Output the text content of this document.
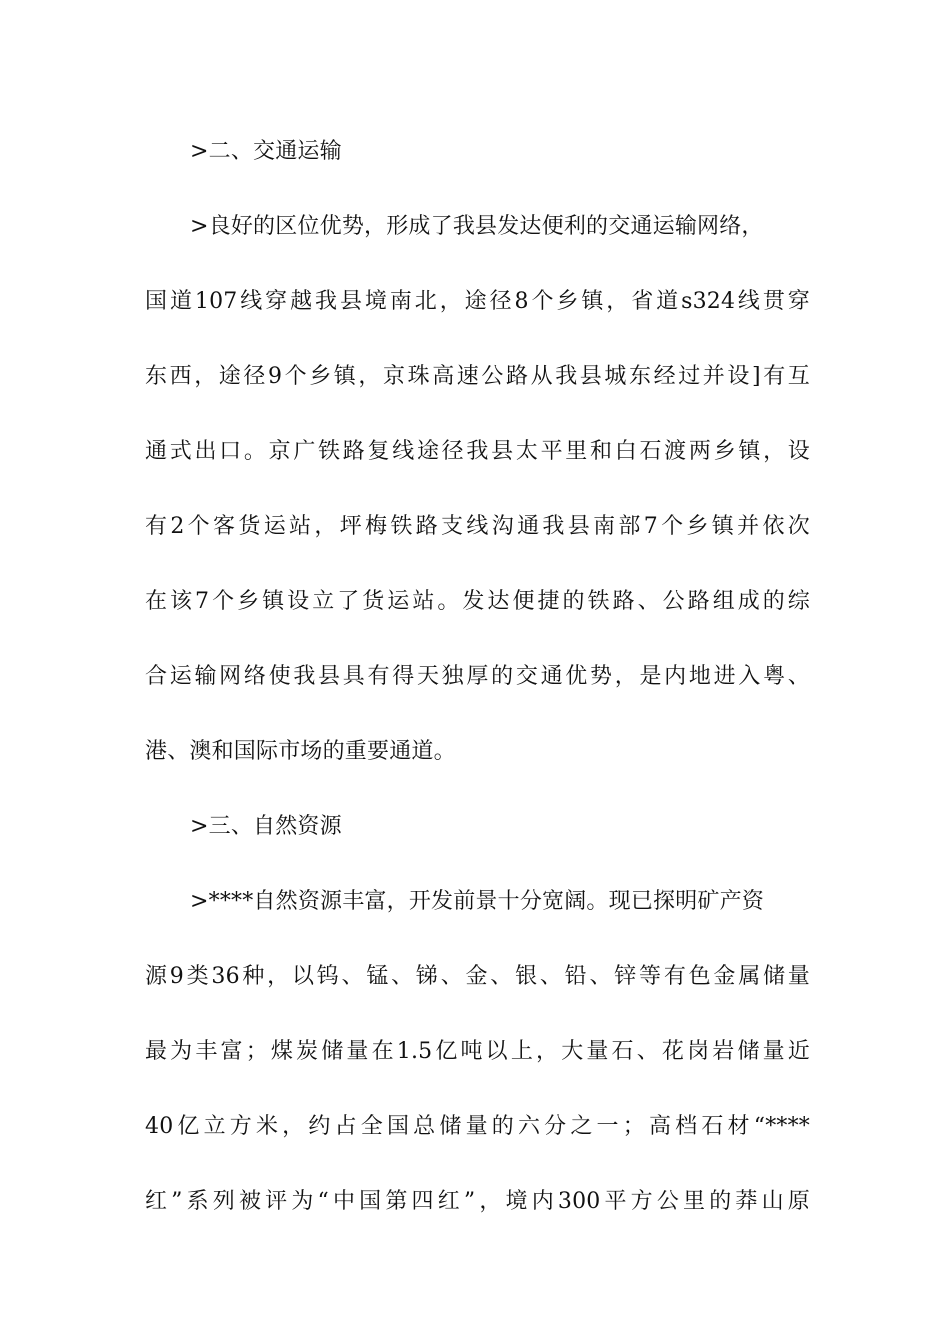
>二、交通运输
>良好的区位优势，形成了我县发达便利的交通运输网络，
国道107线穿越我县境南北，途径8个乡镇，省道s324线贯穿
东西，途径9个乡镇，京珠高速公路从我县城东经过并设]有互
通式出口。京广铁路复线途径我县太平里和白石渡两乡镇，设
有2个客货运站，坪梅铁路支线沟通我县南部7个乡镇并依次
在该7个乡镇设立了货运站。发达便捷的铁路、公路组成的综
合运输网络使我县具有得天独厚的交通优势，是内地进入粤、
港、澳和国际市场的重要通道。
>三、自然资源
>****自然资源丰富，开发前景十分宽阔。现已探明矿产资
源9类36种，以钨、锰、锑、金、银、铅、锌等有色金属储量
最为丰富；煤炭储量在1.5亿吨以上，大量石、花岗岩储量近
40亿立方米，约占全国总储量的六分之一；高档石材“****
红”系列被评为“中国第四红”，境内300平方公里的莽山原
